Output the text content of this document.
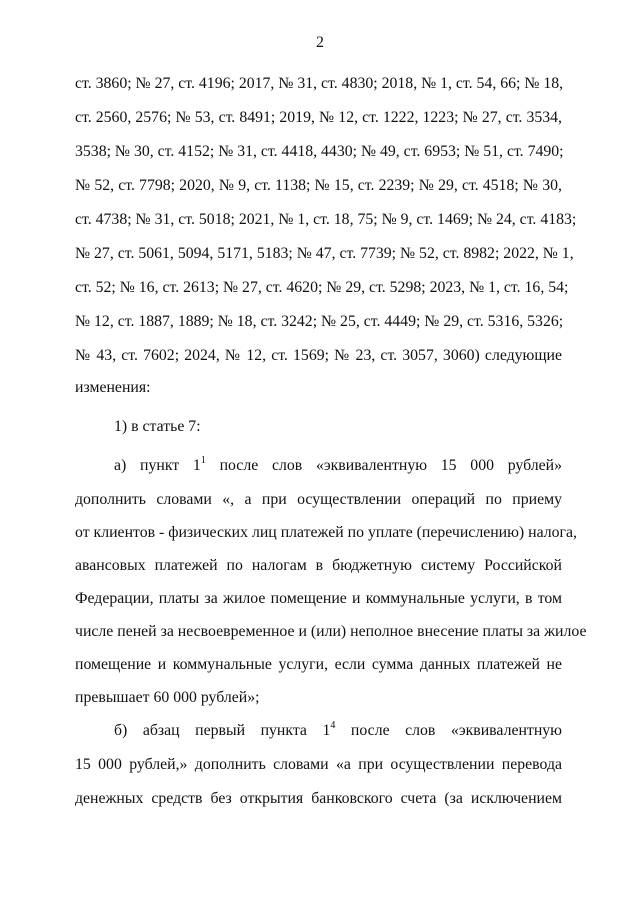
2
ст. 3860; № 27, ст. 4196; 2017, № 31, ст. 4830; 2018, № 1, ст. 54, 66; № 18,
ст. 2560, 2576; № 53, ст. 8491; 2019, № 12, ст. 1222, 1223; № 27, ст. 3534,
3538; № 30, ст. 4152; № 31, ст. 4418, 4430; № 49, ст. 6953; № 51, ст. 7490;
№ 52, ст. 7798; 2020, № 9, ст. 1138; № 15, ст. 2239; № 29, ст. 4518; № 30,
ст. 4738; № 31, ст. 5018; 2021, № 1, ст. 18, 75; № 9, ст. 1469; № 24, ст. 4183;
№ 27, ст. 5061, 5094, 5171, 5183; № 47, ст. 7739; № 52, ст. 8982; 2022, № 1,
ст. 52; № 16, ст. 2613; № 27, ст. 4620; № 29, ст. 5298; 2023, № 1, ст. 16, 54;
№ 12, ст. 1887, 1889; № 18, ст. 3242; № 25, ст. 4449; № 29, ст. 5316, 5326;
№ 43, ст. 7602; 2024, № 12, ст. 1569; № 23, ст. 3057, 3060) следующие
изменения:
1) в статье 7:
а) пункт $1^1$ после слов «эквивалентную 15 000 рублей»
дополнить словами «, а при осуществлении операций по приему
от клиентов - физических лиц платежей по уплате (перечислению) налога,
авансовых платежей по налогам в бюджетную систему Российской
Федерации, платы за жилое помещение и коммунальные услуги, в том
числе пеней за несвоевременное и (или) неполное внесение платы за жилое
помещение и коммунальные услуги, если сумма данных платежей не
превышает 60 000 рублей»;
б) абзац первый пункта $1^4$ после слов «эквивалентную
15 000 рублей,» дополнить словами «а при осуществлении перевода
денежных средств без открытия банковского счета (за исключением
